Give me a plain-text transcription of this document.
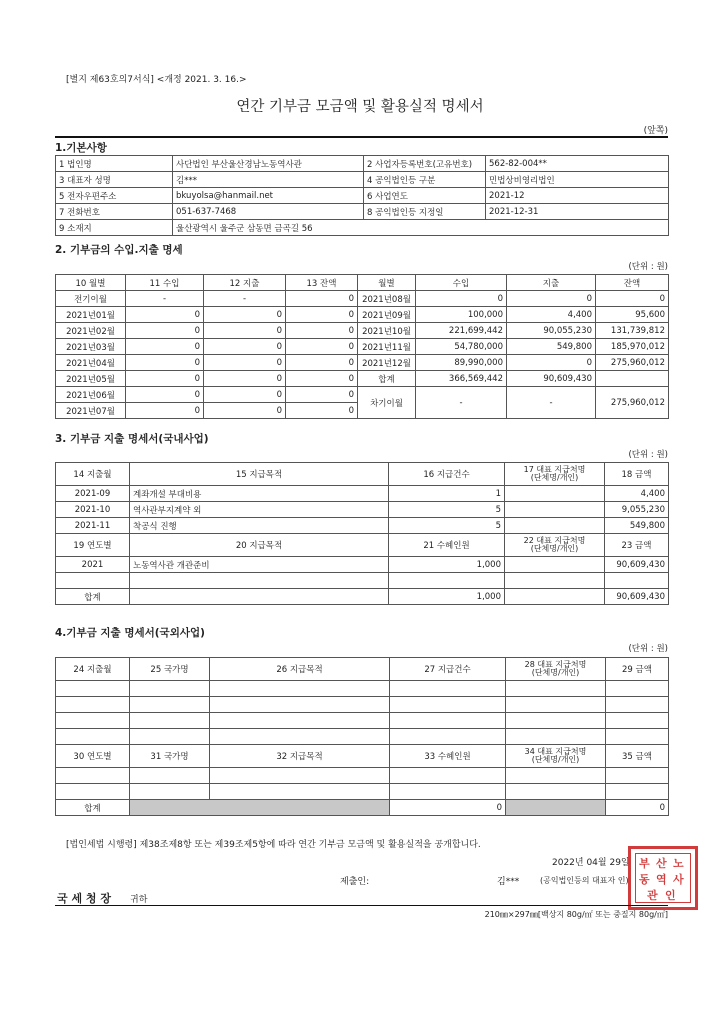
[별지 제63호의7서식] <개정 2021. 3. 16.>
연간 기부금 모금액 및 활용실적 명세서
(앞쪽)
1.기본사항
1 법인명	사단법인 부산울산경남노동역사관	2 사업자등록번호(고유번호)	562-82-004**
3 대표자 성명	김***	4 공익법인등 구분	민법상비영리법인
5 전자우편주소	bkuyolsa@hanmail.net	6 사업연도	2021-12
7 전화번호	051-637-7468	8 공익법인등 지정일	2021-12-31
9 소재지	울산광역시 울주군 삼동면 금곡길 56		
2. 기부금의 수입.지출 명세
(단위 : 원)
10 월별	11 수입	12 지출	13 잔액	월별	수입	지출	잔액
전기이월	-	-	0	2021년08월	0	0	0
2021년01월	0	0	0	2021년09월	100,000	4,400	95,600
2021년02월	0	0	0	2021년10월	221,699,442	90,055,230	131,739,812
2021년03월	0	0	0	2021년11월	54,780,000	549,800	185,970,012
2021년04월	0	0	0	2021년12월	89,990,000	0	275,960,012
2021년05월	0	0	0	합계	366,569,442	90,609,430	
2021년06월	0	0	0	차기이월	-	-	275,960,012
2021년07월	0	0	0				
3. 기부금 지출 명세서(국내사업)
(단위 : 원)
14 지출월	15 지급목적	16 지급건수	17 대표 지급처명
(단체명/개인)	18 금액
2021-09	계좌개설 부대비용	1		4,400
2021-10	역사관부지계약 외	5		9,055,230
2021-11	착공식 진행	5		549,800
19 연도별	20 지급목적	21 수혜인원	22 대표 지급처명
(단체명/개인)	23 금액
2021	노동역사관 개관준비	1,000		90,609,430

합계		1,000		90,609,430
4.기부금 지출 명세서(국외사업)
(단위 : 원)
24 지출월	25 국가명	26 지급목적	27 지급건수	28 대표 지급처명
(단체명/개인)	29 금액

30 연도별	31 국가명	32 지급목적	33 수혜인원	34 대표 지급처명
(단체명/개인)	35 금액

합계			0		0
[법인세법 시행령] 제38조제8항 또는 제39조제5항에 따라 연간 기부금 모금액 및 활용실적을 공개합니다.
2022년 04월 29일
제출인:	김***	(공익법인등의 대표자 인)
부 산 노
동 역 사
관 인
국 세 청 장 귀하
210㎜×297㎜[백상지 80g/㎡ 또는 중질지 80g/㎡]
